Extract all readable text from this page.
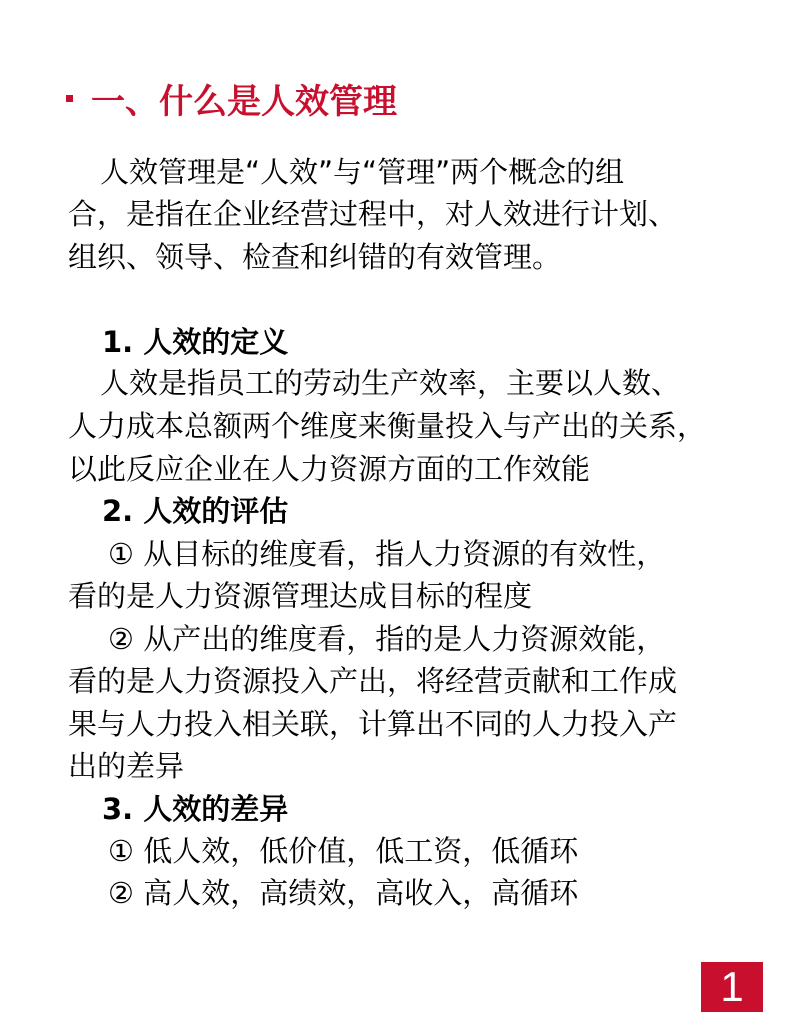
一、什么是人效管理
人效管理是“人效”与“管理”两个概念的组
合，是指在企业经营过程中，对人效进行计划、
组织、领导、检查和纠错的有效管理。
1. 人效的定义
人效是指员工的劳动生产效率，主要以人数、
人力成本总额两个维度来衡量投入与产出的关系，
以此反应企业在人力资源方面的工作效能
2. 人效的评估
① 从目标的维度看，指人力资源的有效性，
看的是人力资源管理达成目标的程度
② 从产出的维度看，指的是人力资源效能，
看的是人力资源投入产出，将经营贡献和工作成
果与人力投入相关联，计算出不同的人力投入产
出的差异
3. 人效的差异
① 低人效，低价值，低工资，低循环
② 高人效，高绩效，高收入，高循环
1
